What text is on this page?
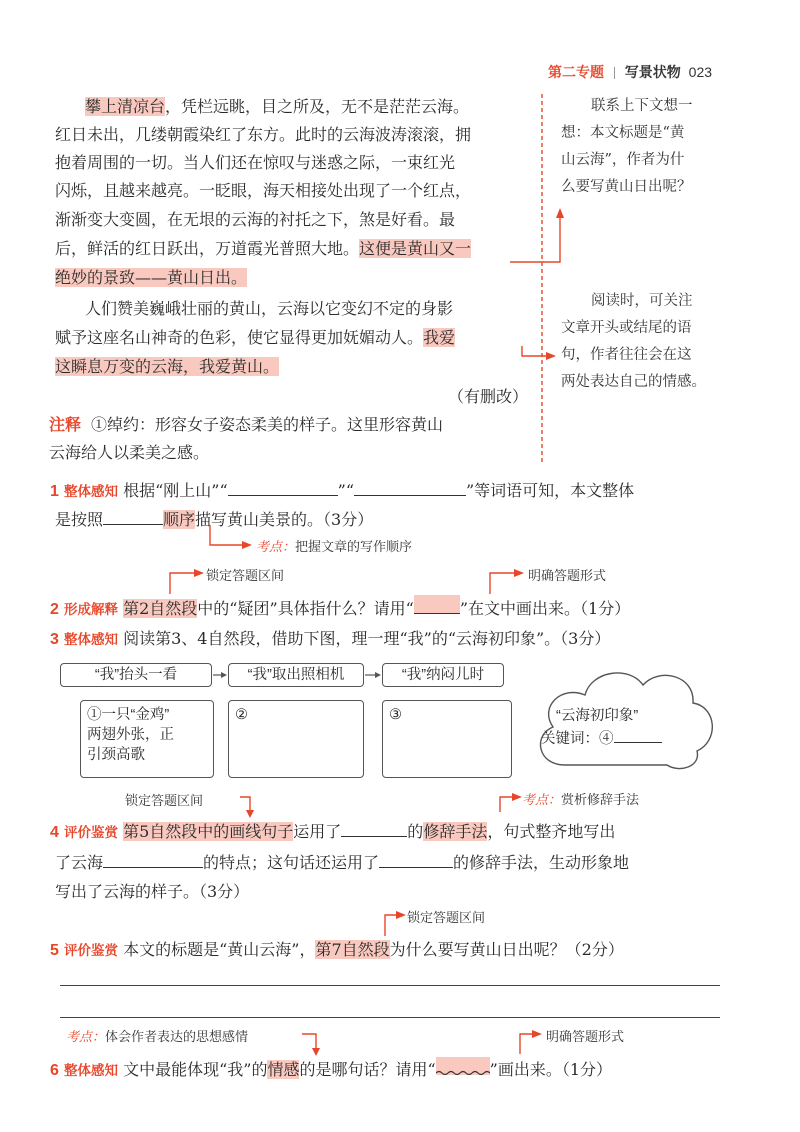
第二专题 写景状物 023
攀上清凉台，凭栏远眺，目之所及，无不是茫茫云海。
红日未出，几缕朝霞染红了东方。此时的云海波涛滚滚，拥
抱着周围的一切。当人们还在惊叹与迷惑之际，一束红光
闪烁，且越来越亮。一眨眼，海天相接处出现了一个红点，
渐渐变大变圆，在无垠的云海的衬托之下，煞是好看。最
后，鲜活的红日跃出，万道霞光普照大地。这便是黄山又一
绝妙的景致——黄山日出。
人们赞美巍峨壮丽的黄山，云海以它变幻不定的身影
赋予这座名山神奇的色彩，使它显得更加妩媚动人。我爱
这瞬息万变的云海，我爱黄山。
（有删改）
注释 ①绰约：形容女子姿态柔美的样子。这里形容黄山
云海给人以柔美之感。
联系上下文想一
想：本文标题是“黄
山云海”，作者为什
么要写黄山日出呢？
阅读时，可关注
文章开头或结尾的语
句，作者往往会在这
两处表达自己的情感。
1 整体感知 根据“刚上山”“	”“	”等词语可知，本文整体
是按照	顺序描写黄山美景的。（3分）
考点：把握文章的写作顺序
锁定答题区间	明确答题形式
2 形成解释 第2自然段中的“疑团”具体指什么？请用“	”在文中画出来。（1分）
3 整体感知 阅读第3、4自然段，借助下图，理一理“我”的“云海初印象”。（3分）
“我”抬头一看	“我”取出照相机	“我”纳闷儿时
①一只“金鸡”
两翅外张，正
引颈高歌
②	③	“云海初印象”
关键词：④
锁定答题区间	考点：赏析修辞手法
4 评价鉴赏 第5自然段中的画线句子运用了	的修辞手法，句式整齐地写出
了云海	的特点；这句话还运用了	的修辞手法，生动形象地
写出了云海的样子。（3分）
锁定答题区间
5 评价鉴赏 本文的标题是“黄山云海”，第7自然段为什么要写黄山日出呢？（2分）
考点：体会作者表达的思想感情	明确答题形式
6 整体感知 文中最能体现“我”的情感的是哪句话？请用“	”画出来。（1分）
